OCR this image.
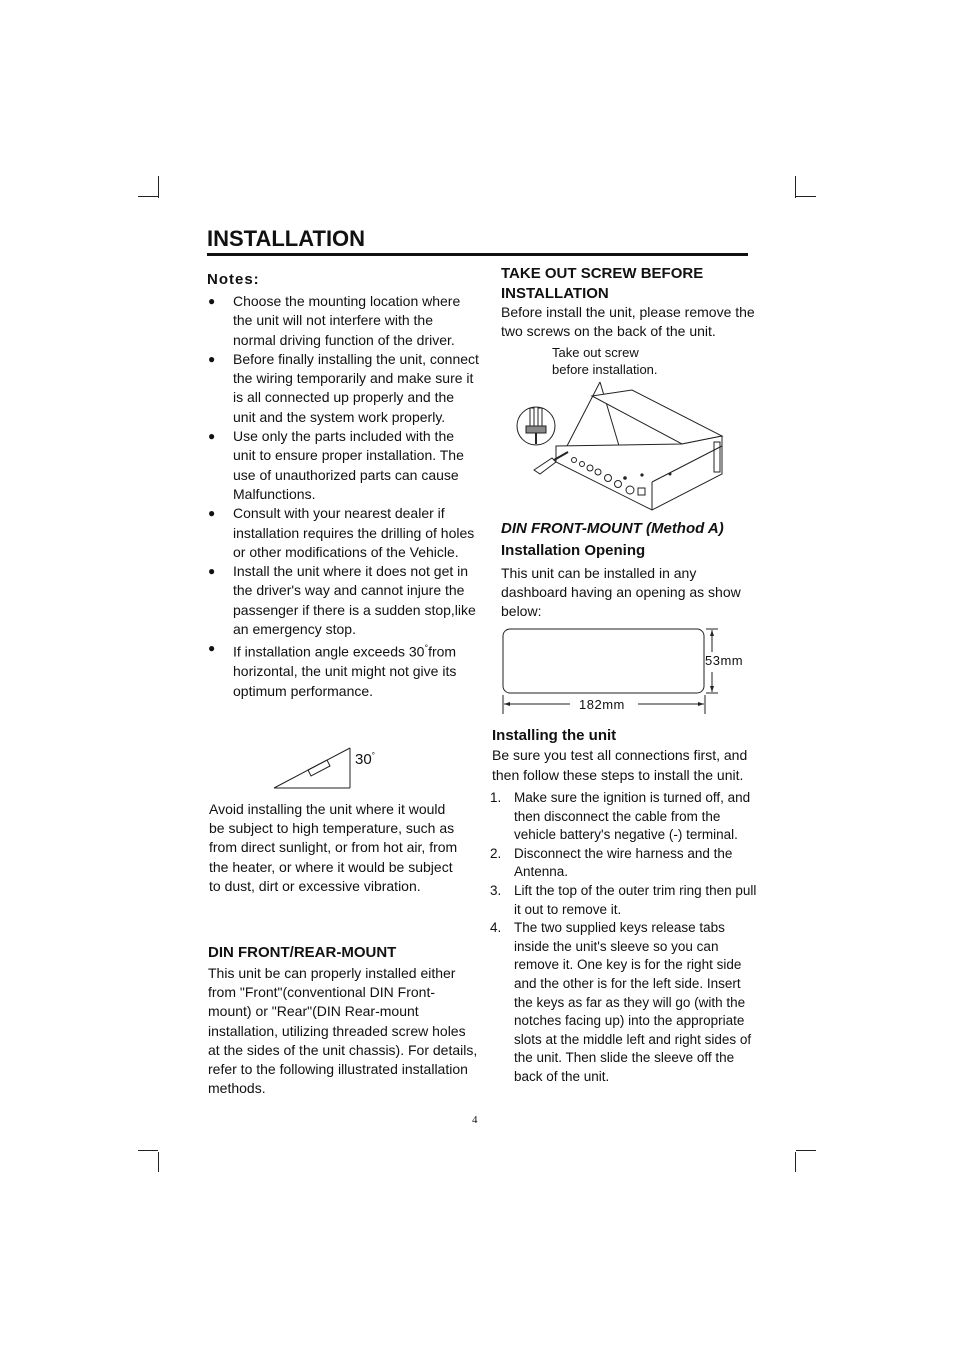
INSTALLATION
Notes:
● Choose the mounting location where the unit will not interfere with the normal driving function of the driver.
● Before finally installing the unit, connect the wiring temporarily and make sure it is all connected up properly and the unit and the system work properly.
● Use only the parts included with the unit to ensure proper installation. The use of unauthorized parts can cause Malfunctions.
● Consult with your nearest dealer if installation requires the drilling of holes or other modifications of the Vehicle.
● Install the unit where it does not get in the driver's way and cannot injure the passenger if there is a sudden stop,like an emergency stop.
● If installation angle exceeds 30°from horizontal, the unit might not give its optimum performance.
30°
Avoid installing the unit where it would be subject to high temperature, such as from direct sunlight, or from hot air, from the heater, or where it would be subject to dust, dirt or excessive vibration.
DIN FRONT/REAR-MOUNT
This unit be can properly installed either from "Front"(conventional DIN Front-mount) or "Rear"(DIN Rear-mount installation, utilizing threaded screw holes at the sides of the unit chassis). For details, refer to the following illustrated installation methods.
TAKE OUT SCREW BEFORE INSTALLATION
Before install the unit, please remove the two screws on the back of the unit.
Take out screw
before installation.
DIN FRONT-MOUNT (Method A)
Installation Opening
This unit can be installed in any dashboard having an opening as show below:
53mm
182mm
Installing the unit
Be sure you test all connections first, and then follow these steps to install the unit.
1. Make sure the ignition is turned off, and then disconnect the cable from the vehicle battery's negative (-) terminal.
2. Disconnect the wire harness and the Antenna.
3. Lift the top of the outer trim ring then pull it out to remove it.
4. The two supplied keys release tabs inside the unit's sleeve so you can remove it. One key is for the right side and the other is for the left side. Insert the keys as far as they will go (with the notches facing up) into the appropriate slots at the middle left and right sides of the unit. Then slide the sleeve off the back of the unit.
4
